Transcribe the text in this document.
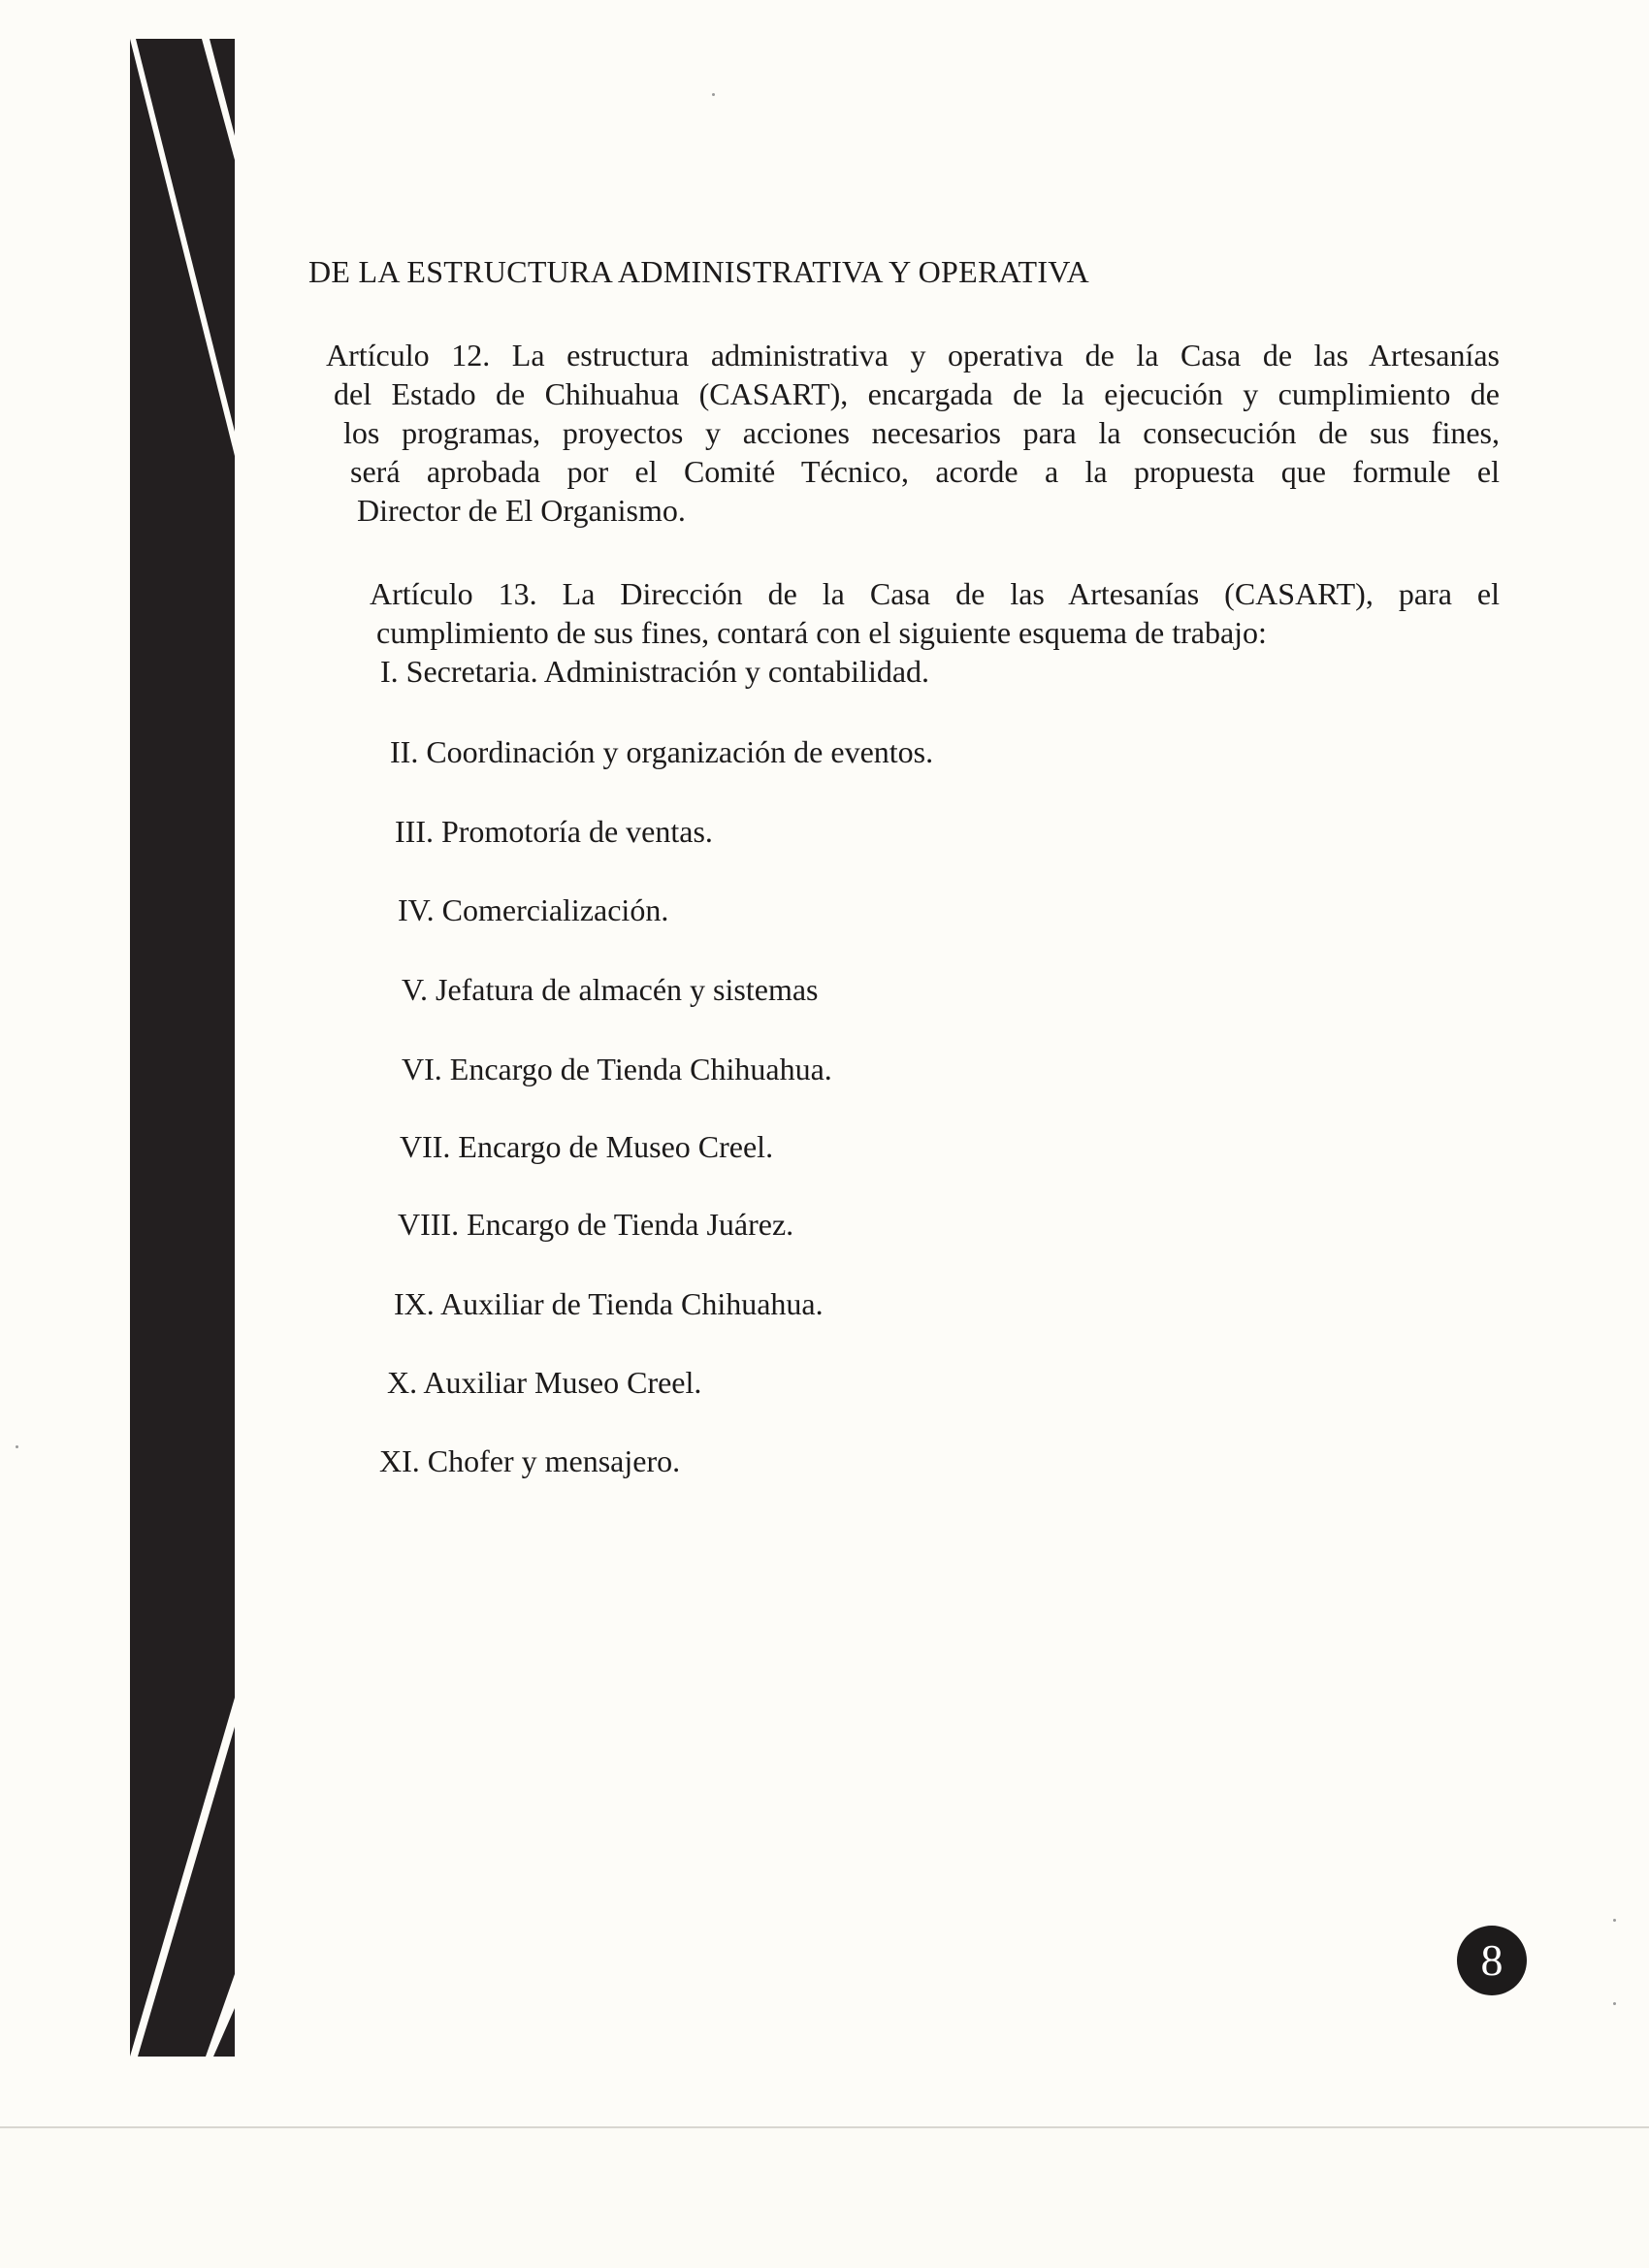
DE LA ESTRUCTURA ADMINISTRATIVA Y OPERATIVA
Artículo 12. La estructura administrativa y operativa de la Casa de las Artesanías
del Estado de Chihuahua (CASART), encargada de la ejecución y cumplimiento de
los programas, proyectos y acciones necesarios para la consecución de sus fines,
será aprobada por el Comité Técnico, acorde a la propuesta que formule el
Director de El Organismo.
Artículo 13. La Dirección de la Casa de las Artesanías (CASART), para el
cumplimiento de sus fines, contará con el siguiente esquema de trabajo:
I. Secretaria. Administración y contabilidad.
II. Coordinación y organización de eventos.
III. Promotoría de ventas.
IV. Comercialización.
V. Jefatura de almacén y sistemas
VI. Encargo de Tienda Chihuahua.
VII. Encargo de Museo Creel.
VIII. Encargo de Tienda Juárez.
IX. Auxiliar de Tienda Chihuahua.
X. Auxiliar Museo Creel.
XI. Chofer y mensajero.
8
